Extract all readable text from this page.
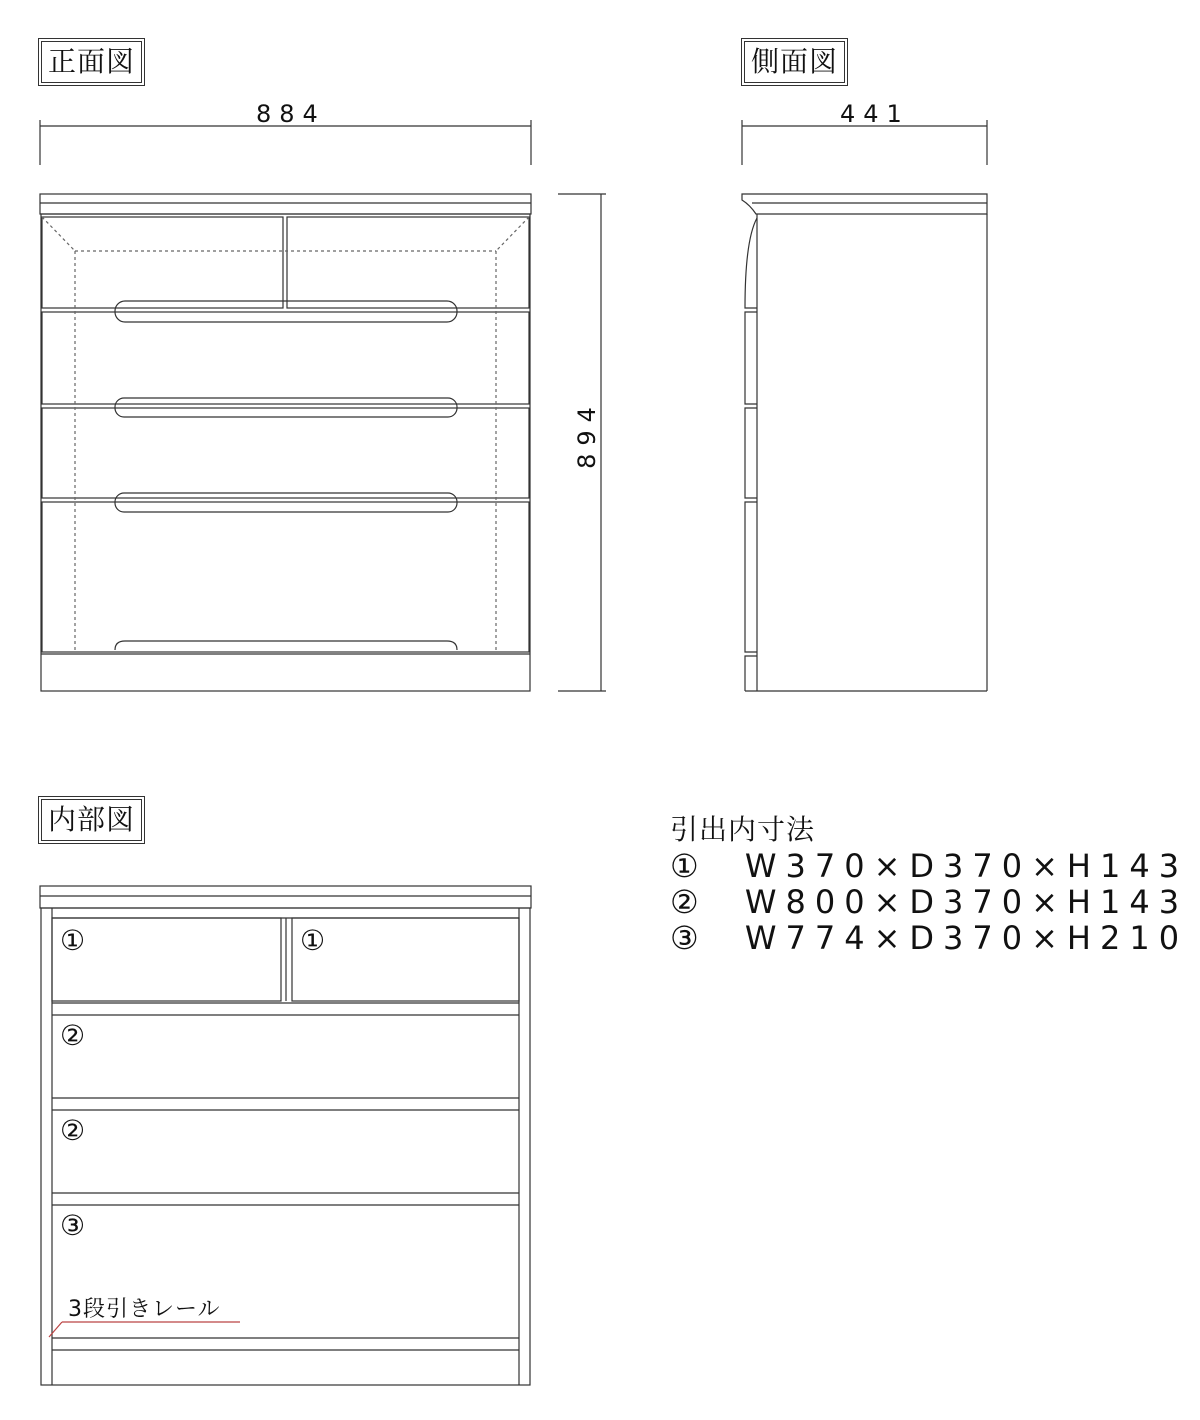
正面図	側面図
内部図
884	441
894
①	①
②
②
③
3段引きレール
引出内寸法
① W370×D370×H143
② W800×D370×H143
③ W774×D370×H210
